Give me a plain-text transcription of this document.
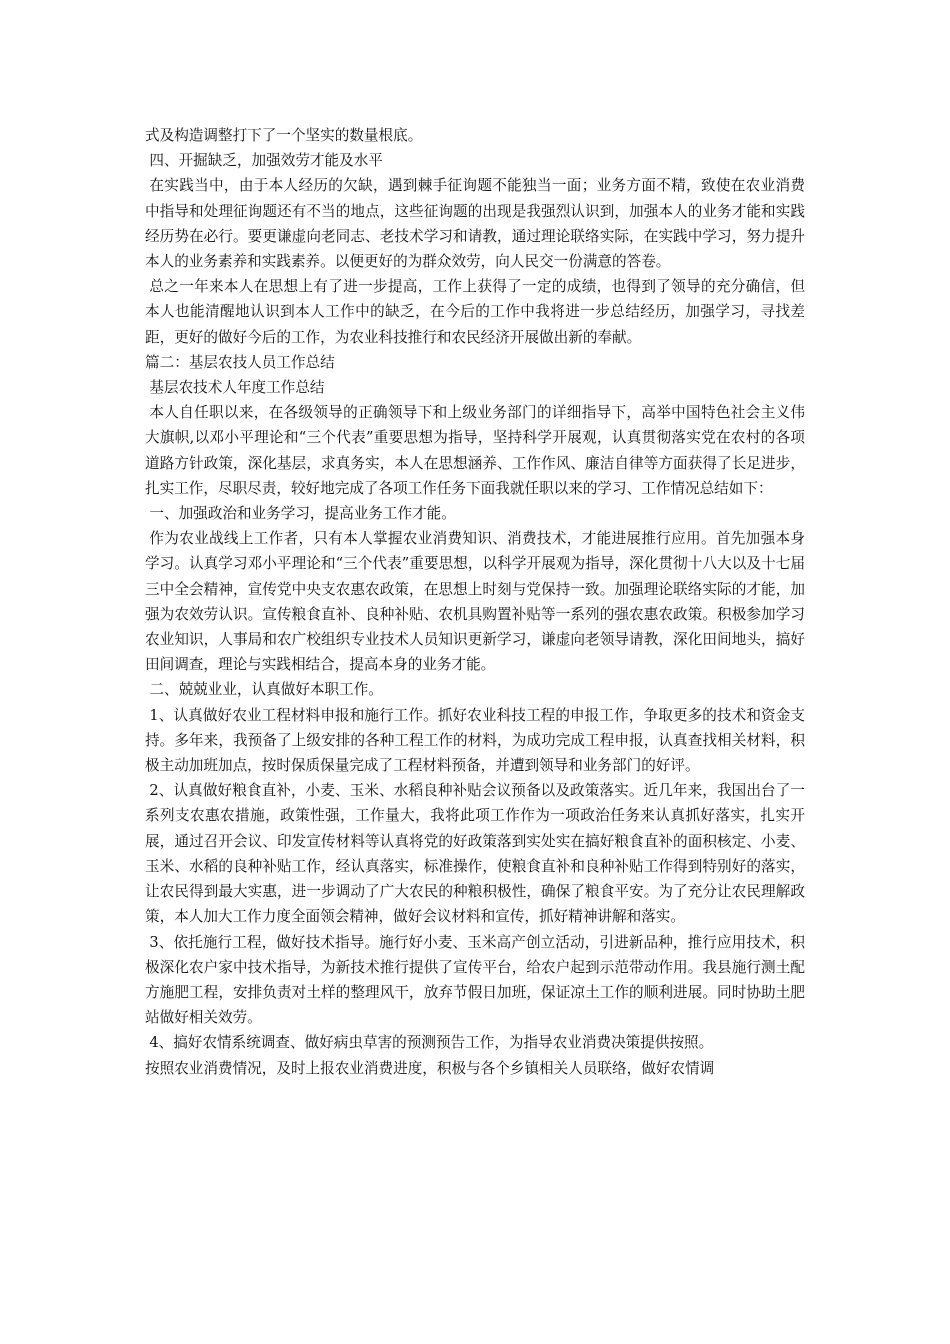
式及构造调整打下了一个坚实的数量根底。

四、开掘缺乏，加强效劳才能及水平

在实践当中，由于本人经历的欠缺，遇到棘手征询题不能独当一面；业务方面不精，致使在农业消费中指导和处理征询题还有不当的地点，这些征询题的出现是我强烈认识到，加强本人的业务才能和实践经历势在必行。要更谦虚向老同志、老技术学习和请教，通过理论联络实际，在实践中学习，努力提升本人的业务素养和实践素养。以便更好的为群众效劳，向人民交一份满意的答卷。

总之一年来本人在思想上有了进一步提高，工作上获得了一定的成绩，也得到了领导的充分确信，但本人也能清醒地认识到本人工作中的缺乏，在今后的工作中我将进一步总结经历，加强学习，寻找差距，更好的做好今后的工作，为农业科技推行和农民经济开展做出新的奉献。

篇二：基层农技人员工作总结

基层农技术人年度工作总结

本人自任职以来，在各级领导的正确领导下和上级业务部门的详细指导下，高举中国特色社会主义伟大旗帜,以邓小平理论和“三个代表”重要思想为指导，坚持科学开展观，认真贯彻落实党在农村的各项道路方针政策，深化基层，求真务实，本人在思想涵养、工作作风、廉洁自律等方面获得了长足进步，扎实工作，尽职尽责，较好地完成了各项工作任务下面我就任职以来的学习、工作情况总结如下：

一、加强政治和业务学习，提高业务工作才能。

作为农业战线上工作者，只有本人掌握农业消费知识、消费技术，才能进展推行应用。首先加强本身学习。认真学习邓小平理论和“三个代表”重要思想，以科学开展观为指导，深化贯彻十八大以及十七届三中全会精神，宣传党中央支农惠农政策，在思想上时刻与党保持一致。加强理论联络实际的才能，加强为农效劳认识。宣传粮食直补、良种补贴、农机具购置补贴等一系列的强农惠农政策。积极参加学习农业知识，人事局和农广校组织专业技术人员知识更新学习，谦虚向老领导请教，深化田间地头，搞好田间调查，理论与实践相结合，提高本身的业务才能。

二、兢兢业业，认真做好本职工作。

1、认真做好农业工程材料申报和施行工作。抓好农业科技工程的申报工作，争取更多的技术和资金支持。多年来，我预备了上级安排的各种工程工作的材料，为成功完成工程申报，认真查找相关材料，积极主动加班加点，按时保质保量完成了工程材料预备，并遭到领导和业务部门的好评。

2、认真做好粮食直补，小麦、玉米、水稻良种补贴会议预备以及政策落实。近几年来，我国出台了一系列支农惠农措施，政策性强，工作量大，我将此项工作作为一项政治任务来认真抓好落实，扎实开展，通过召开会议、印发宣传材料等认真将党的好政策落到实处实在搞好粮食直补的面积核定、小麦、玉米、水稻的良种补贴工作，经认真落实，标准操作，使粮食直补和良种补贴工作得到特别好的落实，让农民得到最大实惠，进一步调动了广大农民的种粮积极性，确保了粮食平安。为了充分让农民理解政策，本人加大工作力度全面领会精神，做好会议材料和宣传，抓好精神讲解和落实。

3、依托施行工程，做好技术指导。施行好小麦、玉米高产创立活动，引进新品种，推行应用技术，积极深化农户家中技术指导，为新技术推行提供了宣传平台，给农户起到示范带动作用。我县施行测土配方施肥工程，安排负责对土样的整理风干，放弃节假日加班，保证凉土工作的顺利进展。同时协助土肥站做好相关效劳。

4、搞好农情系统调查、做好病虫草害的预测预告工作，为指导农业消费决策提供按照。

按照农业消费情况，及时上报农业消费进度，积极与各个乡镇相关人员联络，做好农情调
